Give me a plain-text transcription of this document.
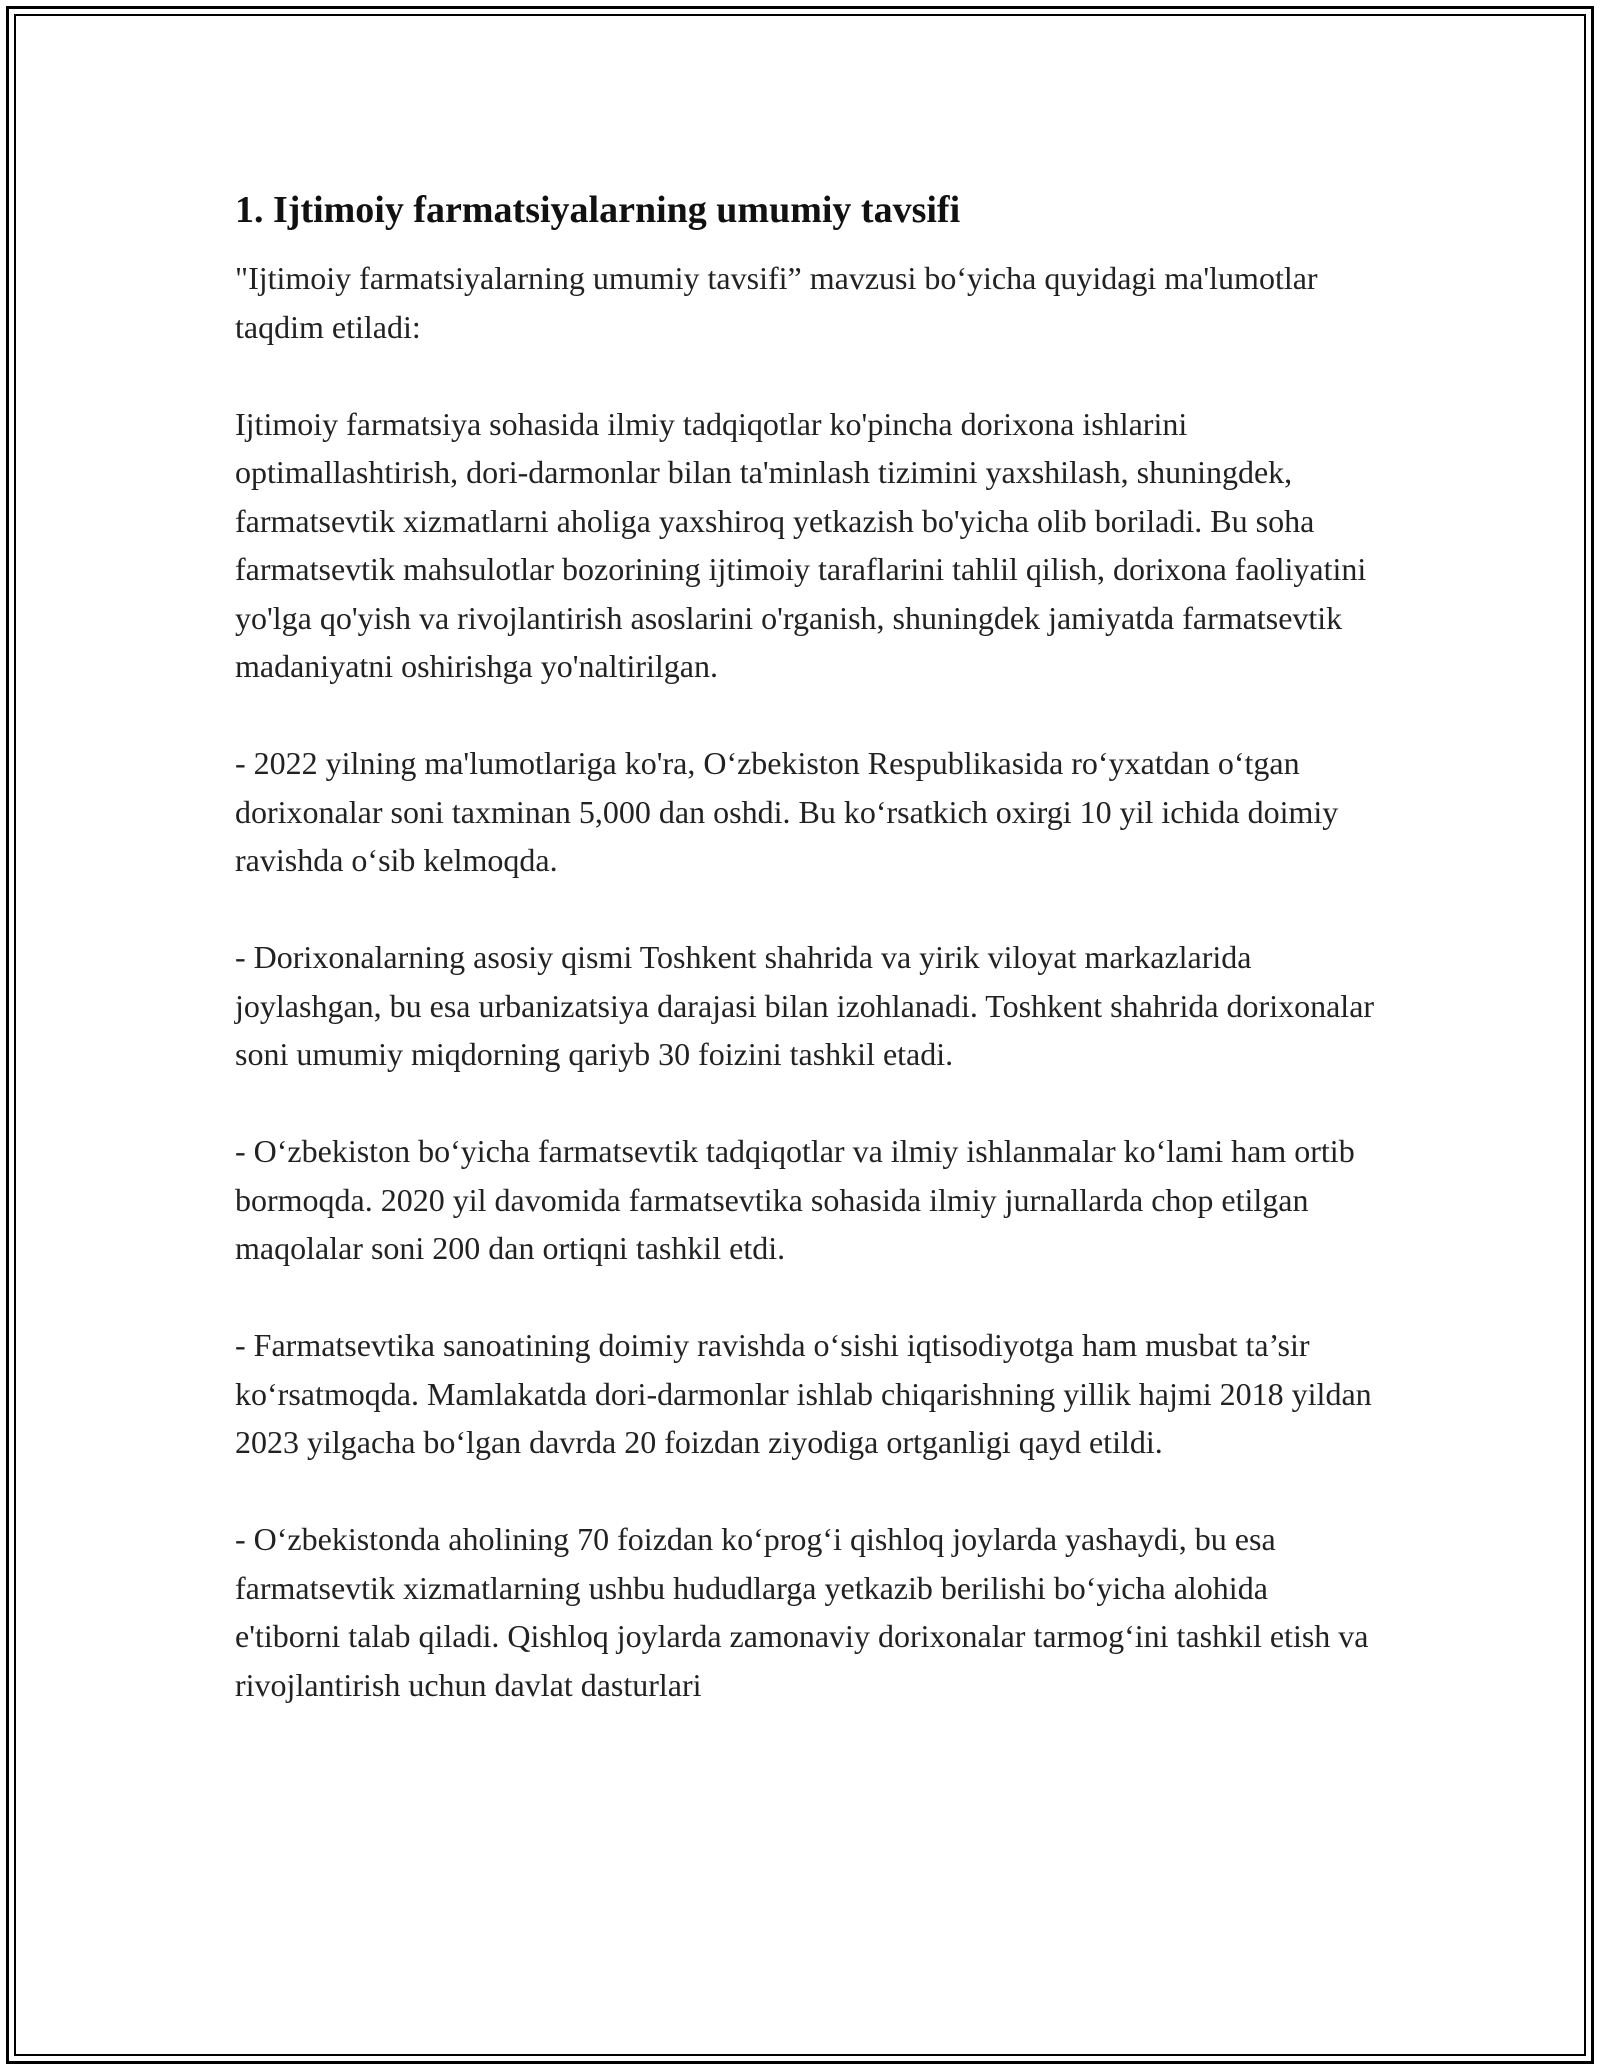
1. Ijtimoiy farmatsiyalarning umumiy tavsifi

"Ijtimoiy farmatsiyalarning umumiy tavsifi” mavzusi bo‘yicha quyidagi ma'lumotlar taqdim etiladi:

Ijtimoiy farmatsiya sohasida ilmiy tadqiqotlar ko'pincha dorixona ishlarini optimallashtirish, dori-darmonlar bilan ta'minlash tizimini yaxshilash, shuningdek, farmatsevtik xizmatlarni aholiga yaxshiroq yetkazish bo'yicha olib boriladi. Bu soha farmatsevtik mahsulotlar bozorining ijtimoiy taraflarini tahlil qilish, dorixona faoliyatini yo'lga qo'yish va rivojlantirish asoslarini o'rganish, shuningdek jamiyatda farmatsevtik madaniyatni oshirishga yo'naltirilgan.

- 2022 yilning ma'lumotlariga ko'ra, O‘zbekiston Respublikasida ro‘yxatdan o‘tgan dorixonalar soni taxminan 5,000 dan oshdi. Bu ko‘rsatkich oxirgi 10 yil ichida doimiy ravishda o‘sib kelmoqda.

- Dorixonalarning asosiy qismi Toshkent shahrida va yirik viloyat markazlarida joylashgan, bu esa urbanizatsiya darajasi bilan izohlanadi. Toshkent shahrida dorixonalar soni umumiy miqdorning qariyb 30 foizini tashkil etadi.

- O‘zbekiston bo‘yicha farmatsevtik tadqiqotlar va ilmiy ishlanmalar ko‘lami ham ortib bormoqda. 2020 yil davomida farmatsevtika sohasida ilmiy jurnallarda chop etilgan maqolalar soni 200 dan ortiqni tashkil etdi.

- Farmatsevtika sanoatining doimiy ravishda o‘sishi iqtisodiyotga ham musbat ta’sir ko‘rsatmoqda. Mamlakatda dori-darmonlar ishlab chiqarishning yillik hajmi 2018 yildan 2023 yilgacha bo‘lgan davrda 20 foizdan ziyodiga ortganligi qayd etildi.

- O‘zbekistonda aholining 70 foizdan ko‘prog‘i qishloq joylarda yashaydi, bu esa farmatsevtik xizmatlarning ushbu hududlarga yetkazib berilishi bo‘yicha alohida e'tiborni talab qiladi. Qishloq joylarda zamonaviy dorixonalar tarmog‘ini tashkil etish va rivojlantirish uchun davlat dasturlari
